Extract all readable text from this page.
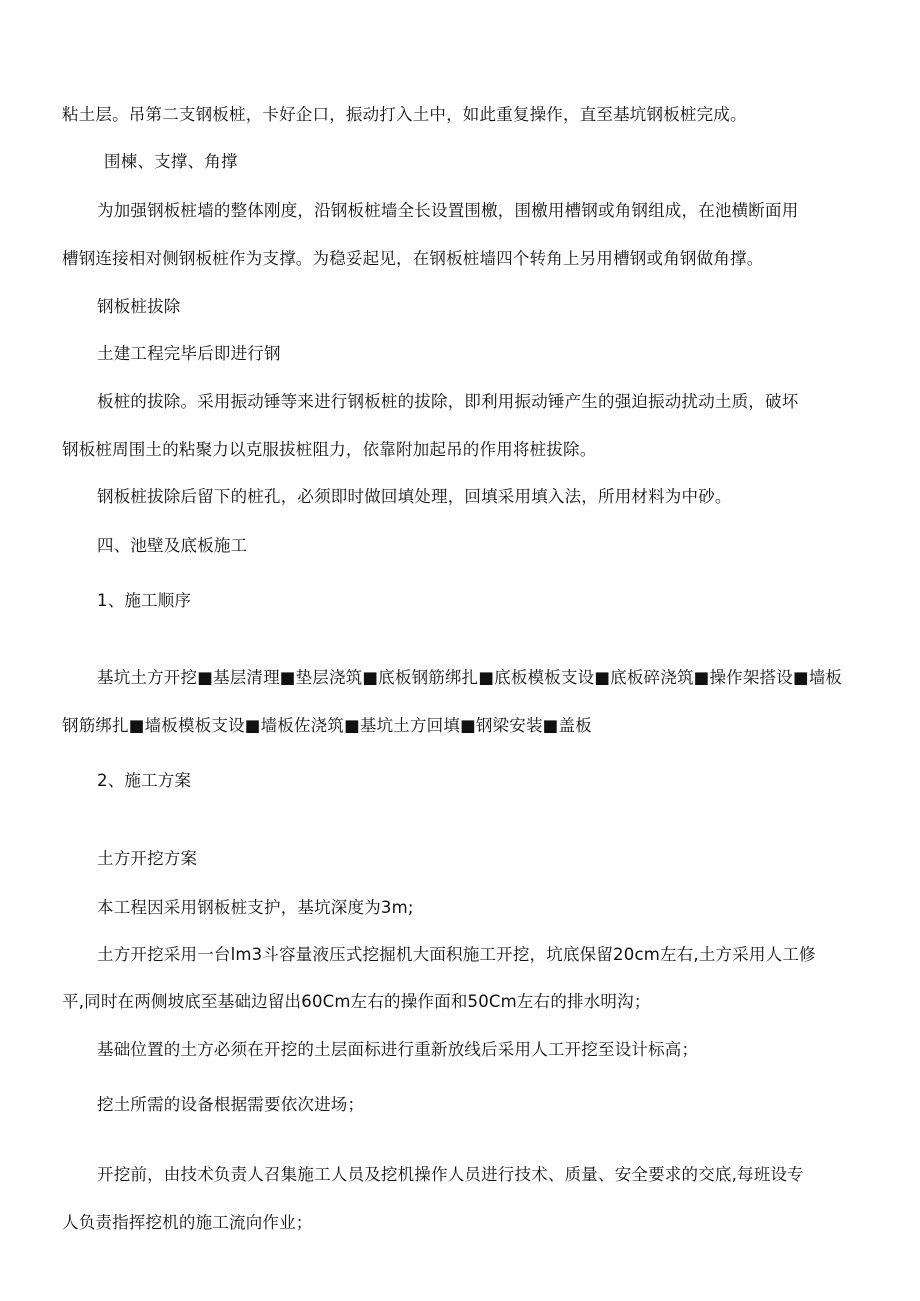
粘土层。吊第二支钢板桩，卡好企口，振动打入土中，如此重复操作，直至基坑钢板桩完成。
围楝、支撑、角撑
为加强钢板桩墙的整体刚度，沿钢板桩墙全长设置围檄，围檄用槽钢或角钢组成，在池横断面用
槽钢连接相对侧钢板桩作为支撑。为稳妥起见，在钢板桩墙四个转角上另用槽钢或角钢做角撑。
钢板桩拔除
土建工程完毕后即进行钢
板桩的拔除。采用振动锤等来进行钢板桩的拔除，即利用振动锤产生的强迫振动扰动土质，破坏
钢板桩周围土的粘聚力以克服拔桩阻力，依靠附加起吊的作用将桩拔除。
钢板桩拔除后留下的桩孔，必须即时做回填处理，回填采用填入法，所用材料为中砂。
四、池壁及底板施工
1、施工顺序
基坑土方开挖■基层清理■垫层浇筑■底板钢筋绑扎■底板模板支设■底板碎浇筑■操作架搭设■墙板
钢筋绑扎■墙板模板支设■墙板佐浇筑■基坑土方回填■钢梁安装■盖板
2、施工方案
土方开挖方案
本工程因采用钢板桩支护，基坑深度为3m;
土方开挖采用一台lm3斗容量液压式挖掘机大面积施工开挖，坑底保留20cm左右,土方采用人工修
平,同时在两侧坡底至基础边留出60Cm左右的操作面和50Cm左右的排水明沟；
基础位置的土方必须在开挖的土层面标进行重新放线后采用人工开挖至设计标高；
挖土所需的设备根据需要依次进场；
开挖前，由技术负责人召集施工人员及挖机操作人员进行技术、质量、安全要求的交底,每班设专
人负责指挥挖机的施工流向作业；
